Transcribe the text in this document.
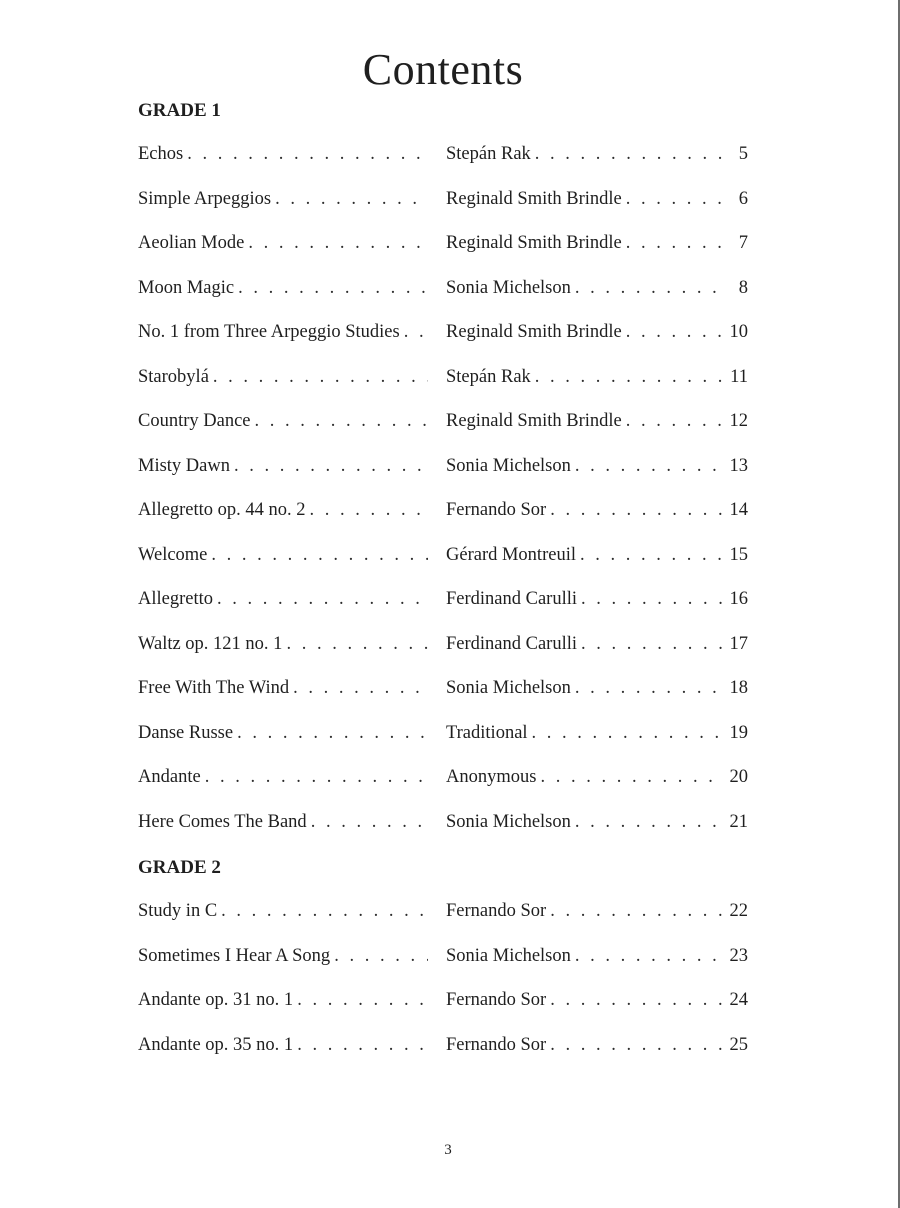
Contents
GRADE 1
Echos . . .	Stepán Rak . . .	5
Simple Arpeggios . . .	Reginald Smith Brindle . . .	6
Aeolian Mode . . .	Reginald Smith Brindle . . .	7
Moon Magic . . .	Sonia Michelson . . .	8
No. 1 from Three Arpeggio Studies . . .	Reginald Smith Brindle . . .	10
Starobylá . . .	Stepán Rak . . .	11
Country Dance . . .	Reginald Smith Brindle . . .	12
Misty Dawn . . .	Sonia Michelson . . .	13
Allegretto op. 44 no. 2 . . .	Fernando Sor . . .	14
Welcome . . .	Gérard Montreuil . . .	15
Allegretto . . .	Ferdinand Carulli . . .	16
Waltz op. 121 no. 1 . . .	Ferdinand Carulli . . .	17
Free With The Wind . . .	Sonia Michelson . . .	18
Danse Russe . . .	Traditional . . .	19
Andante . . .	Anonymous . . .	20
Here Comes The Band . . .	Sonia Michelson . . .	21
GRADE 2
Study in C . . .	Fernando Sor . . .	22
Sometimes I Hear A Song . . .	Sonia Michelson . . .	23
Andante op. 31 no. 1 . . .	Fernando Sor . . .	24
Andante op. 35 no. 1 . . .	Fernando Sor . . .	25
3
